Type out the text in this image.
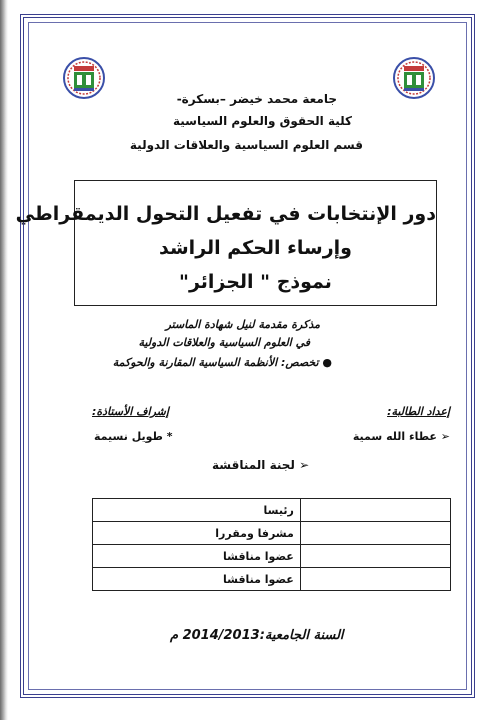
جامعة محمد خيضر –بسكرة-
كلية الحقوق والعلوم السياسية
قسم العلوم السياسية والعلاقات الدولية
دور الإنتخابات في تفعيل التحول الديمقراطي
وإرساء الحكم الراشد
نموذج " الجزائر"
مذكرة مقدمة لنيل شهادة الماستر
في العلوم السياسية والعلاقات الدولية
● تخصص: الأنظمة السياسية المقارنة والحوكمة
إعداد الطالبة:
إشراف الأستاذة:
➢ عطاء الله سمية
* طويل نسيمة
➢ لجنة المناقشة
رئيسا	
مشرفا ومقررا	
عضوا مناقشا	
عضوا مناقشا	
السنة الجامعية:2014/2013 م
